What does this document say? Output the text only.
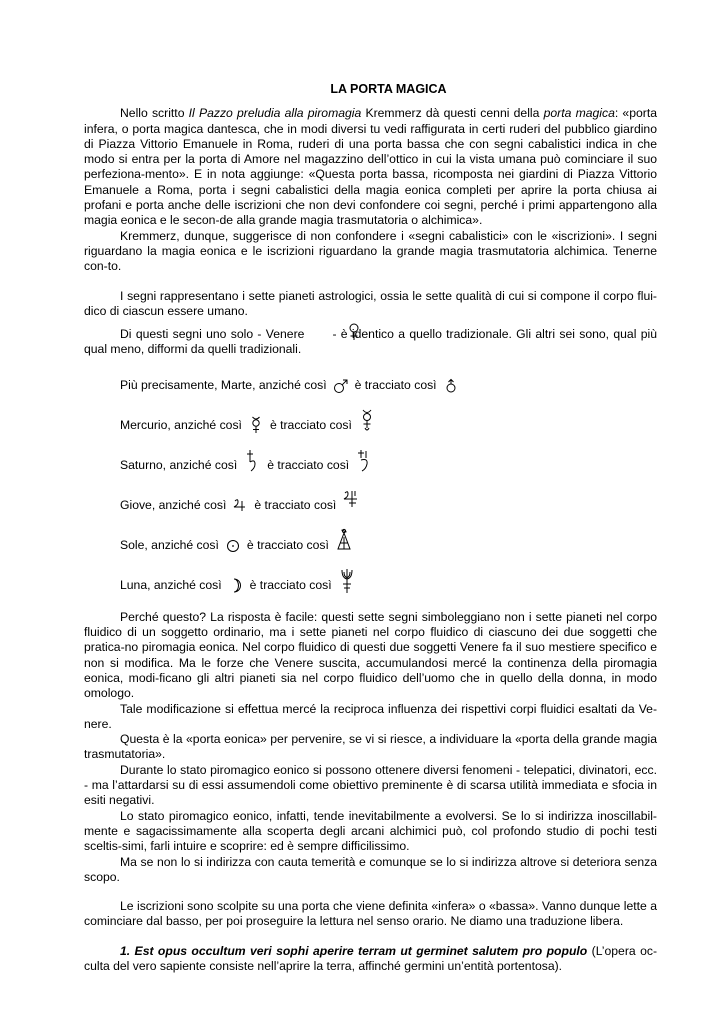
LA PORTA MAGICA

Nello scritto Il Pazzo preludia alla piromagia Kremmerz dà questi cenni della porta magica: «porta infera, o porta magica dantesca, che in modi diversi tu vedi raffigurata in certi ruderi del pubblico giardino di Piazza Vittorio Emanuele in Roma, ruderi di una porta bassa che con segni cabalistici indica in che modo si entra per la porta di Amore nel magazzino dell’ottico in cui la vista umana può cominciare il suo perfeziona-mento». E in nota aggiunge: «Questa porta bassa, ricomposta nei giardini di Piazza Vittorio Emanuele a Roma, porta i segni cabalistici della magia eonica completi per aprire la porta chiusa ai profani e porta anche delle iscrizioni che non devi confondere coi segni, perché i primi appartengono alla magia eonica e le secon-de alla grande magia trasmutatoria o alchimica».

Kremmerz, dunque, suggerisce di non confondere i «segni cabalistici» con le «iscrizioni». I segni riguardano la magia eonica e le iscrizioni riguardano la grande magia trasmutatoria alchimica. Tenerne con-to.

I segni rappresentano i sette pianeti astrologici, ossia le sette qualità di cui si compone il corpo flui-dico di ciascun essere umano.

Di questi segni uno solo - Venere - è identico a quello tradizionale. Gli altri sei sono, qual più qual meno, difformi da quelli tradizionali.

Più precisamente, Marte, anziché così è tracciato così
Mercurio, anziché così è tracciato così
Saturno, anziché così è tracciato così
Giove, anziché così è tracciato così
Sole, anziché così è tracciato così
Luna, anziché così è tracciato così

Perché questo? La risposta è facile: questi sette segni simboleggiano non i sette pianeti nel corpo fluidico di un soggetto ordinario, ma i sette pianeti nel corpo fluidico di ciascuno dei due soggetti che pratica-no piromagia eonica. Nel corpo fluidico di questi due soggetti Venere fa il suo mestiere specifico e non si modifica. Ma le forze che Venere suscita, accumulandosi mercé la continenza della piromagia eonica, modi-ficano gli altri pianeti sia nel corpo fluidico dell’uomo che in quello della donna, in modo omologo.

Tale modificazione si effettua mercé la reciproca influenza dei rispettivi corpi fluidici esaltati da Ve-nere.

Questa è la «porta eonica» per pervenire, se vi si riesce, a individuare la «porta della grande magia trasmutatoria».

Durante lo stato piromagico eonico si possono ottenere diversi fenomeni - telepatici, divinatori, ecc. - ma l’attardarsi su di essi assumendoli come obiettivo preminente è di scarsa utilità immediata e sfocia in esiti negativi.

Lo stato piromagico eonico, infatti, tende inevitabilmente a evolversi. Se lo si indirizza inoscillabil-mente e sagacissimamente alla scoperta degli arcani alchimici può, col profondo studio di pochi testi sceltis-simi, farli intuire e scoprire: ed è sempre difficilissimo.

Ma se non lo si indirizza con cauta temerità e comunque se lo si indirizza altrove si deteriora senza scopo.

Le iscrizioni sono scolpite su una porta che viene definita «infera» o «bassa». Vanno dunque lette a cominciare dal basso, per poi proseguire la lettura nel senso orario. Ne diamo una traduzione libera.

1. Est opus occultum veri sophi aperire terram ut germinet salutem pro populo (L’opera oc-culta del vero sapiente consiste nell’aprire la terra, affinché germini un’entità portentosa).
